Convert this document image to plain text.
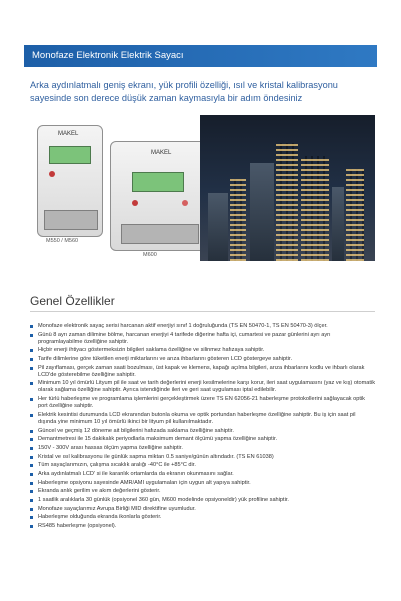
Monofaze Elektronik Elektrik Sayacı
Arka aydınlatmalı geniş ekranı, yük profili özelliği, ısıl ve kristal kalibrasyonu sayesinde son derece düşük zaman kaymasıyla bir adım öndesiniz
MAKEL
MAKEL
M550 / M560
M600
Genel Özellikler
Monofaze elektronik sayaç serisi harcanan aktif enerjiyi sınıf 1 doğruluğunda (TS EN 50470-1, TS EN 50470-3) ölçer.
Günü 8 ayrı zaman dilimine bölme, harcanan enerjiyi 4 tarifede diğerine hafta içi, cumartesi ve pazar günlerini ayrı ayrı programlayabilme özelliğine sahiptir.
Hiçbir enerji ihtiyacı göstermeksizin bilgileri saklama özelliğine ve silinmez hafızaya sahiptir.
Tarife dilimlerine göre tüketilen enerji miktarlarını ve arıza ihbarlarını gösteren LCD göstergeye sahiptir.
Pil zayıflaması, gerçek zaman saati bozulması, üst kapak ve klemens, kapağı açılma bilgileri, arıza ihbarlarını kodlu ve ihbarlı olarak LCD'de gösterebilme özelliğine sahiptir.
Minimum 10 yıl ömürlü Lityum pil ile saat ve tarih değerlerini enerji kesilmelerine karşı korur, ileri saat uygulamasını (yaz ve kış) otomatik olarak sağlama özelliğine sahiptir. Ayrıca istendiğinde ileri ve geri saat uygulaması iptal edilebilir.
Her türlü haberleşme ve programlama işlemlerini gerçekleştirmek üzere TS EN 62056-21 haberleşme protokollerini sağlayacak optik port özelliğine sahiptir.
Elektrik kesintisi durumunda LCD ekranından butonla okuma ve optik portundan haberleşme özelliğine sahiptir. Bu iş için saat pil dışında yine minimum 10 yıl ömürlü ikinci bir lityum pil kullanılmaktadır.
Güncel ve geçmiş 12 döneme ait bilgilerini hafızada saklama özelliğine sahiptir.
Demantmetresi ile 15 dakikalık periyodlarla maksimum demant ölçümü yapma özelliğine sahiptir.
150V - 300V arası hassas ölçüm yapma özelliğine sahiptir.
Kristal ve ısıl kalibrasyonu ile günlük sapma miktarı 0.5 saniye/günün altındadır. (TS EN 61038)
Tüm sayaçlarımızın, çalışma sıcaklık aralığı -40°C ile +85°C dir.
Arka aydınlatmalı LCD' si ile karanlık ortamlarda da ekranın okunmasını sağlar.
Haberleşme opsiyonu sayesinde AMR/AMI uygulamaları için uygun alt yapıya sahiptir.
Ekranda anlık gerilim ve akım değerlerini gösterir.
1 saatlik aralıklarla 30 günlük (opsiyonel 360 gün, M600 modelinde opsiyoneldir) yük profiline sahiptir.
Monofaze sayaçlarımız Avrupa Birliği MID direktifine uyumludur.
Haberleşme olduğunda ekranda ikonlarla gösterir.
RS485 haberleşme (opsiyonel).
